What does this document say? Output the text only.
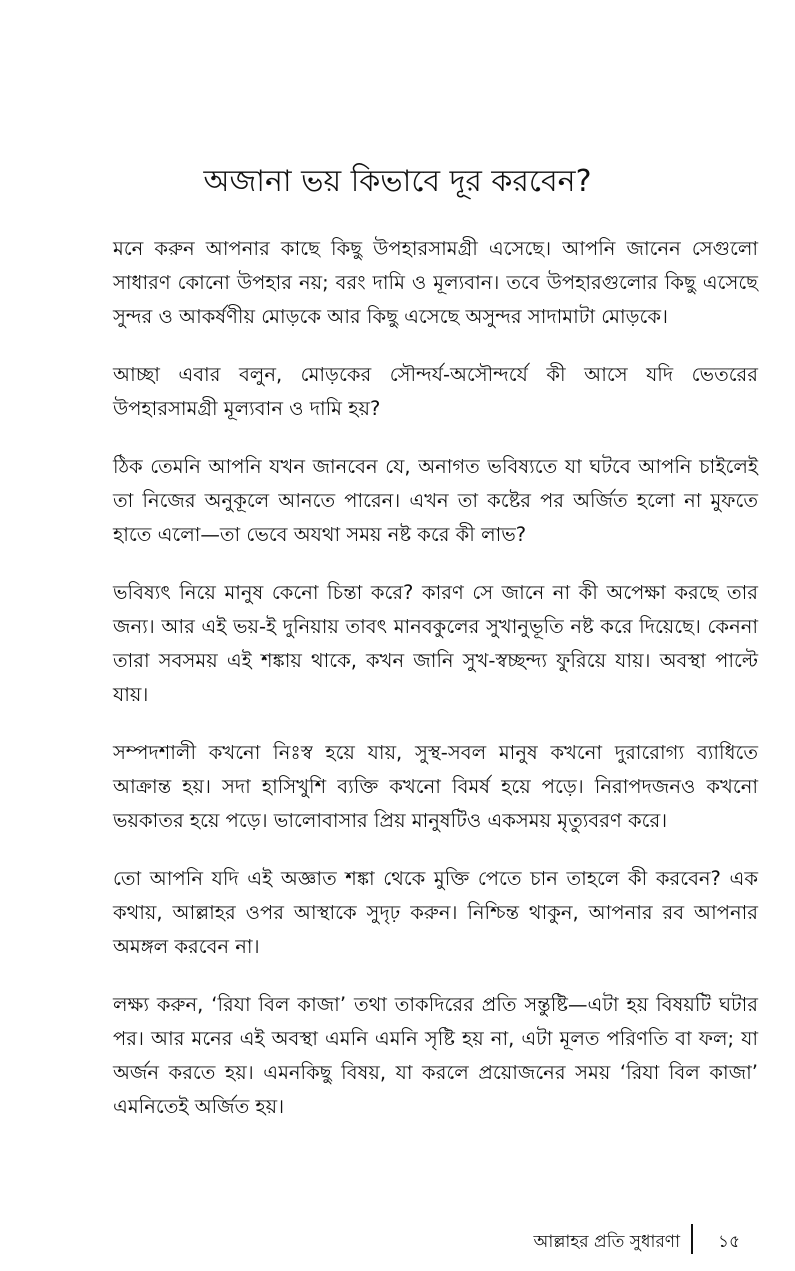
অজানা ভয় কিভাবে দূর করবেন?

মনে করুন আপনার কাছে কিছু উপহারসামগ্রী এসেছে। আপনি জানেন সেগুলো সাধারণ কোনো উপহার নয়; বরং দামি ও মূল্যবান। তবে উপহারগুলোর কিছু এসেছে সুন্দর ও আকর্ষণীয় মোড়কে আর কিছু এসেছে অসুন্দর সাদামাটা মোড়কে।

আচ্ছা এবার বলুন, মোড়কের সৌন্দর্য-অসৌন্দর্যে কী আসে যদি ভেতরের উপহারসামগ্রী মূল্যবান ও দামি হয়?

ঠিক তেমনি আপনি যখন জানবেন যে, অনাগত ভবিষ্যতে যা ঘটবে আপনি চাইলেই তা নিজের অনুকূলে আনতে পারেন। এখন তা কষ্টের পর অর্জিত হলো না মুফতে হাতে এলো—তা ভেবে অযথা সময় নষ্ট করে কী লাভ?

ভবিষ্যৎ নিয়ে মানুষ কেনো চিন্তা করে? কারণ সে জানে না কী অপেক্ষা করছে তার জন্য। আর এই ভয়-ই দুনিয়ায় তাবৎ মানবকুলের সুখানুভূতি নষ্ট করে দিয়েছে। কেননা তারা সবসময় এই শঙ্কায় থাকে, কখন জানি সুখ-স্বচ্ছন্দ্য ফুরিয়ে যায়। অবস্থা পাল্টে যায়।

সম্পদশালী কখনো নিঃস্ব হয়ে যায়, সুস্থ-সবল মানুষ কখনো দুরারোগ্য ব্যাধিতে আক্রান্ত হয়। সদা হাসিখুশি ব্যক্তি কখনো বিমর্ষ হয়ে পড়ে। নিরাপদজনও কখনো ভয়কাতর হয়ে পড়ে। ভালোবাসার প্রিয় মানুষটিও একসময় মৃত্যুবরণ করে।

তো আপনি যদি এই অজ্ঞাত শঙ্কা থেকে মুক্তি পেতে চান তাহলে কী করবেন? এক কথায়, আল্লাহর ওপর আস্থাকে সুদৃঢ় করুন। নিশ্চিন্ত থাকুন, আপনার রব আপনার অমঙ্গল করবেন না।

লক্ষ্য করুন, ‘রিযা বিল কাজা’ তথা তাকদিরের প্রতি সন্তুষ্টি—এটা হয় বিষয়টি ঘটার পর। আর মনের এই অবস্থা এমনি এমনি সৃষ্টি হয় না, এটা মূলত পরিণতি বা ফল; যা অর্জন করতে হয়। এমনকিছু বিষয়, যা করলে প্রয়োজনের সময় ‘রিযা বিল কাজা’ এমনিতেই অর্জিত হয়।

আল্লাহর প্রতি সুধারণা ১৫
